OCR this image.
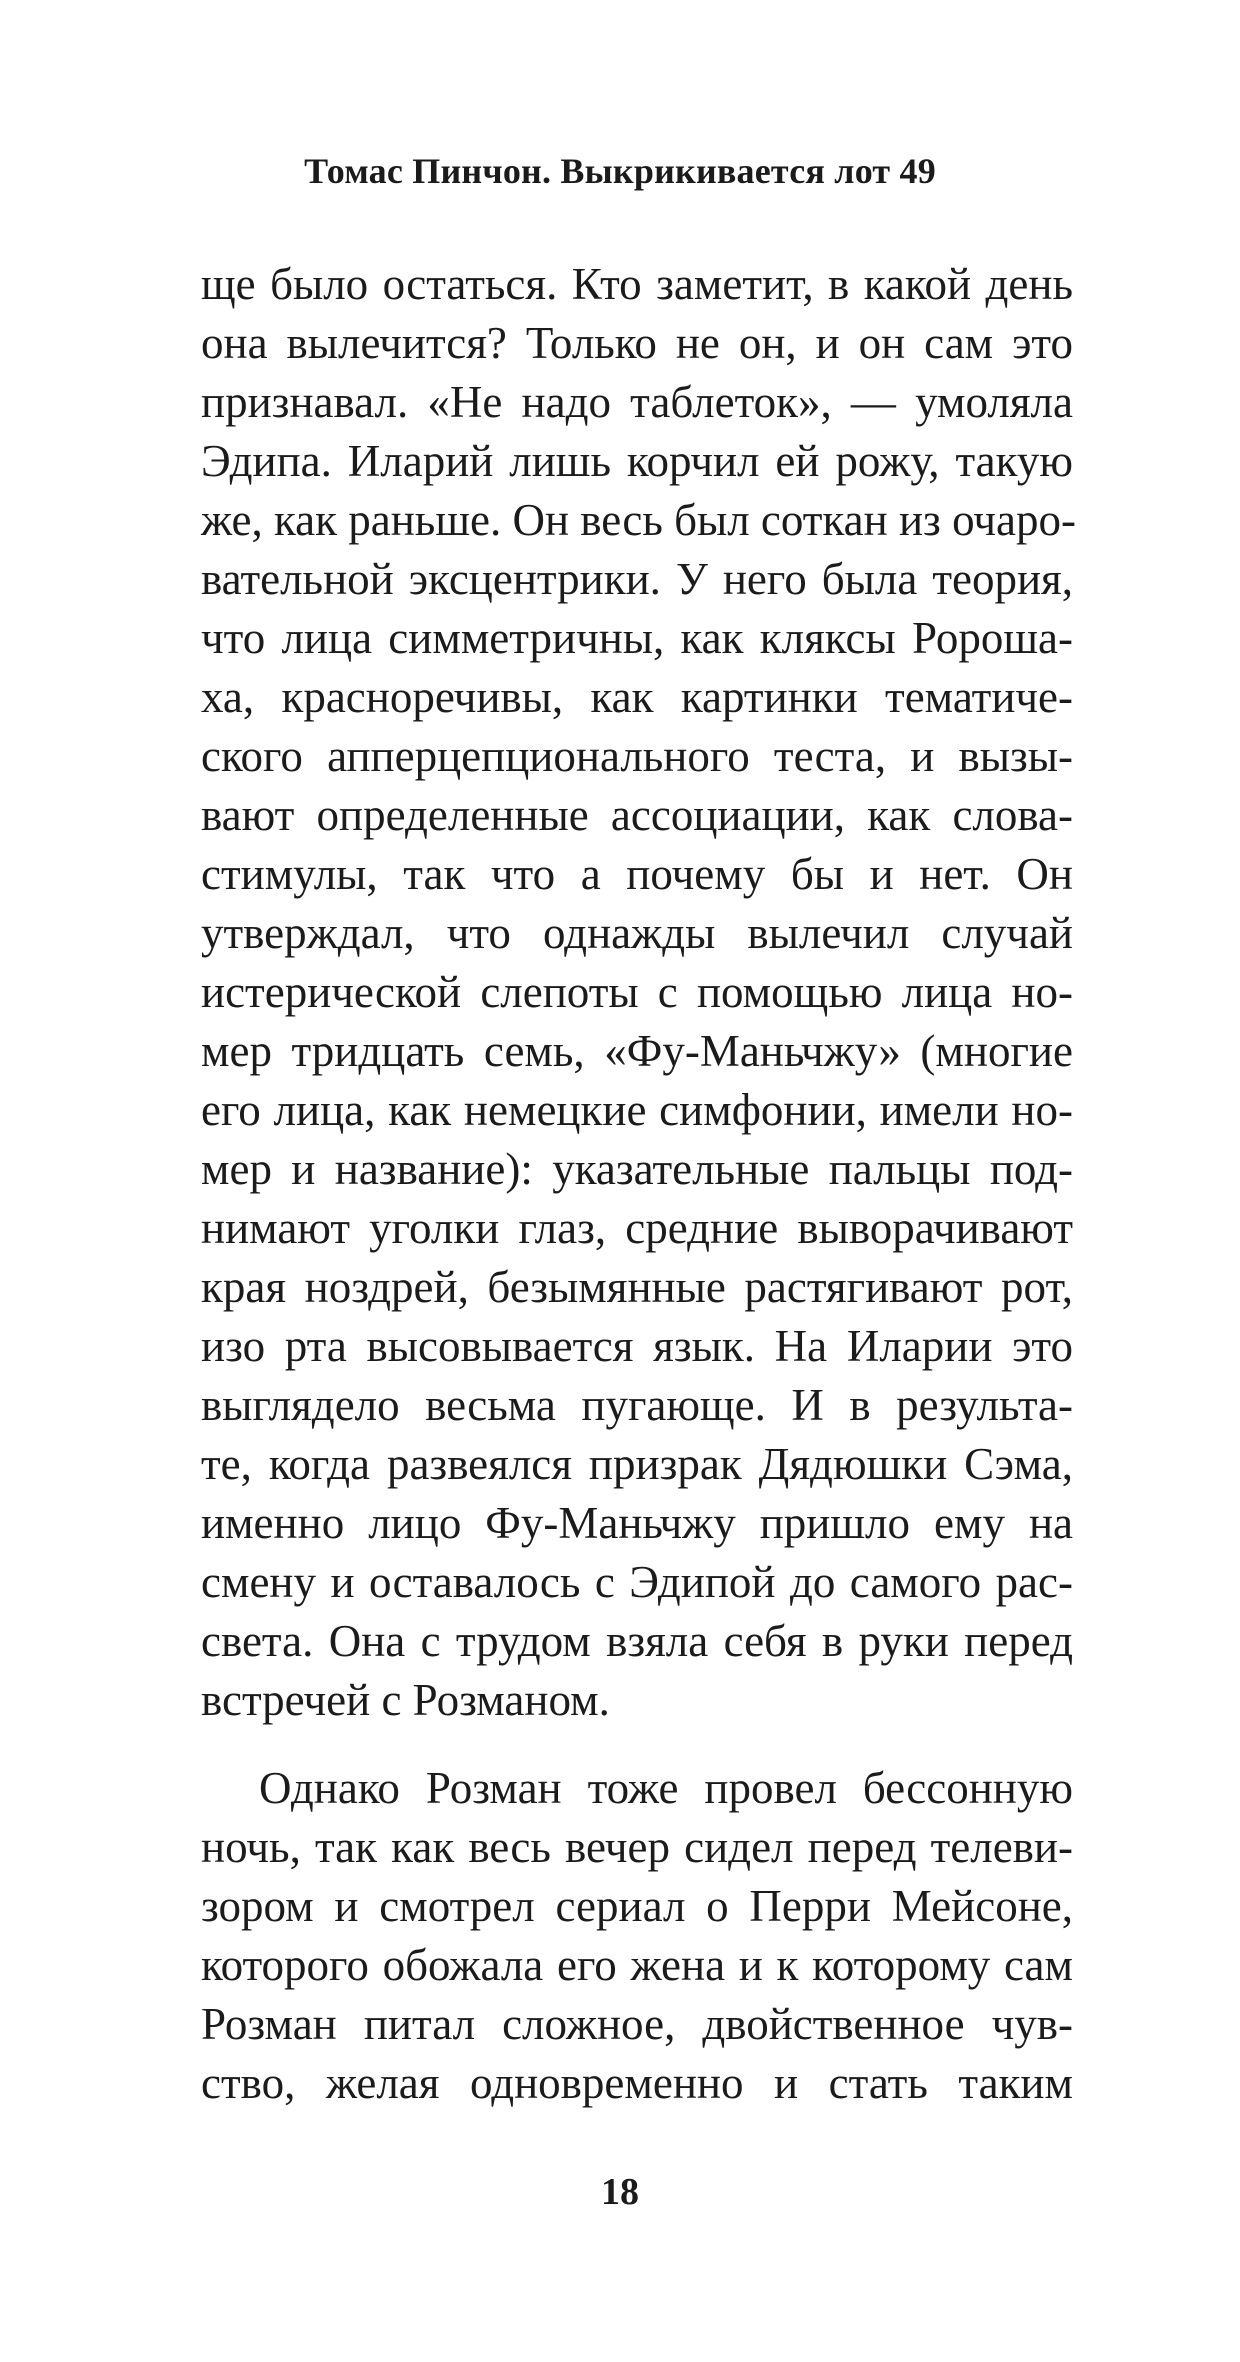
Томас Пинчон. Выкрикивается лот 49
ще было остаться. Кто заметит, в какой день
она вылечится? Только не он, и он сам это
признавал. «Не надо таблеток», — умоляла
Эдипа. Иларий лишь корчил ей рожу, такую
же, как раньше. Он весь был соткан из очаро-
вательной эксцентрики. У него была теория,
что лица симметричны, как кляксы Ророша-
ха, красноречивы, как картинки тематиче-
ского апперцепционального теста, и вызы-
вают определенные ассоциации, как слова-
стимулы, так что а почему бы и нет. Он
утверждал, что однажды вылечил случай
истерической слепоты с помощью лица но-
мер тридцать семь, «Фу-Маньчжу» (многие
его лица, как немецкие симфонии, имели но-
мер и название): указательные пальцы под-
нимают уголки глаз, средние выворачивают
края ноздрей, безымянные растягивают рот,
изо рта высовывается язык. На Иларии это
выглядело весьма пугающе. И в результа-
те, когда развеялся призрак Дядюшки Сэма,
именно лицо Фу-Маньчжу пришло ему на
смену и оставалось с Эдипой до самого рас-
света. Она с трудом взяла себя в руки перед
встречей с Розманом.
Однако Розман тоже провел бессонную
ночь, так как весь вечер сидел перед телеви-
зором и смотрел сериал о Перри Мейсоне,
которого обожала его жена и к которому сам
Розман питал сложное, двойственное чув-
ство, желая одновременно и стать таким
18
